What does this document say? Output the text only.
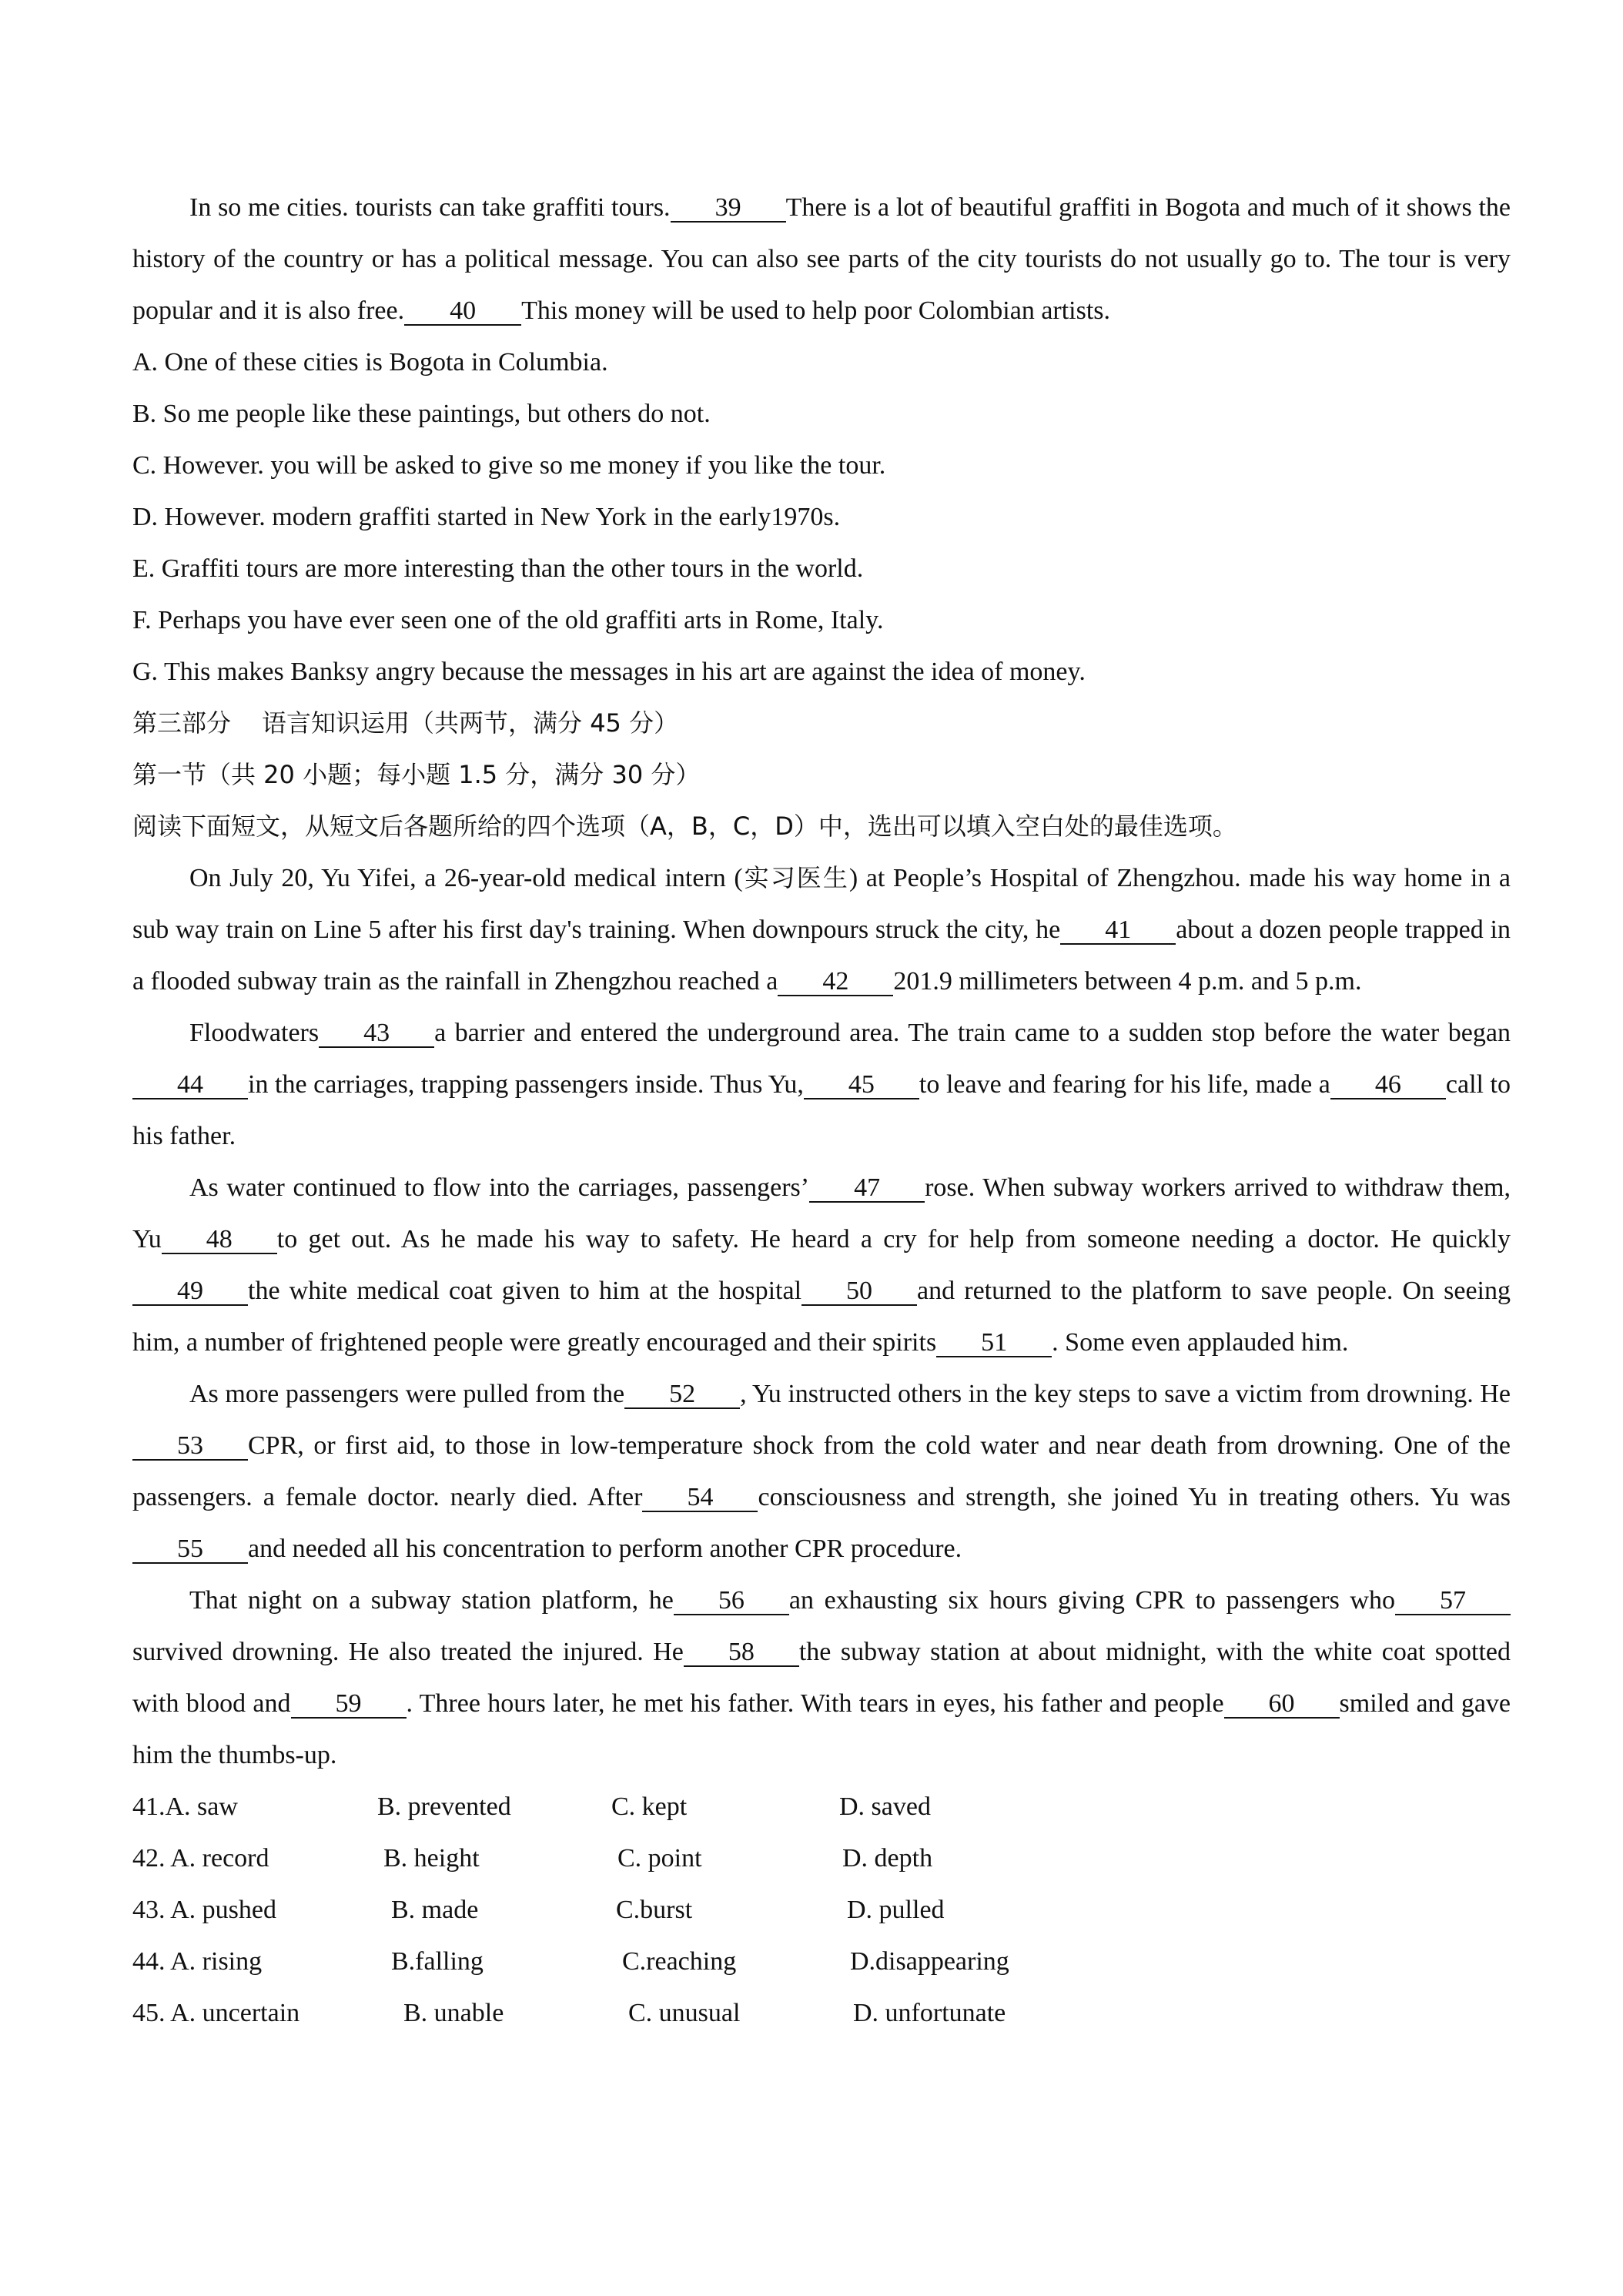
In so me cities. tourists can take graffiti tours. 39 There is a lot of beautiful graffiti in Bogota and much of it shows the history of the country or has a political message. You can also see parts of the city tourists do not usually go to. The tour is very popular and it is also free. 40 This money will be used to help poor Colombian artists.

A. One of these cities is Bogota in Columbia.

B. So me people like these paintings, but others do not.

C. However. you will be asked to give so me money if you like the tour.

D. However. modern graffiti started in New York in the early1970s.

E. Graffiti tours are more interesting than the other tours in the world.

F. Perhaps you have ever seen one of the old graffiti arts in Rome, Italy.

G. This makes Banksy angry because the messages in his art are against the idea of money.

第三部分 语言知识运用（共两节，满分 45 分）

第一节（共 20 小题；每小题 1.5 分，满分 30 分）

阅读下面短文，从短文后各题所给的四个选项（A，B，C，D）中，选出可以填入空白处的最佳选项。

On July 20, Yu Yifei, a 26-year-old medical intern (实习医生) at People’s Hospital of Zhengzhou. made his way home in a sub way train on Line 5 after his first day's training. When downpours struck the city, he 41 about a dozen people trapped in a flooded subway train as the rainfall in Zhengzhou reached a 42 201.9 millimeters between 4 p.m. and 5 p.m.

Floodwaters 43 a barrier and entered the underground area. The train came to a sudden stop before the water began44 in the carriages, trapping passengers inside. Thus Yu, 45 to leave and fearing for his life, made a 46 call to his father.

As water continued to flow into the carriages, passengers’ 47 rose. When subway workers arrived to withdraw them, Yu 48 to get out. As he made his way to safety. He heard a cry for help from someone needing a doctor. He quickly49 the white medical coat given to him at the hospital 50 and returned to the platform to save people. On seeing him, a number of frightened people were greatly encouraged and their spirits 51 . Some even applauded him.

As more passengers were pulled from the 52 , Yu instructed others in the key steps to save a victim from drowning. He53 CPR, or first aid, to those in low-temperature shock from the cold water and near death from drowning. One of the passengers. a female doctor. nearly died. After 54 consciousness and strength, she joined Yu in treating others. Yu was55 and needed all his concentration to perform another CPR procedure.

That night on a subway station platform, he 56 an exhausting six hours giving CPR to passengers who 57survived drowning. He also treated the injured. He 58 the subway station at about midnight, with the white coat spotted with blood and 59 . Three hours later, he met his father. With tears in eyes, his father and people 60 smiled and gave him the thumbs-up.

41.A. saw	B. prevented	C. kept	D. saved
42. A. record	B. height	C. point	D. depth
43. A. pushed	B. made	C.burst	D. pulled
44. A. rising	B.falling	C.reaching	D.disappearing
45. A. uncertain	B. unable	C. unusual	D. unfortunate
